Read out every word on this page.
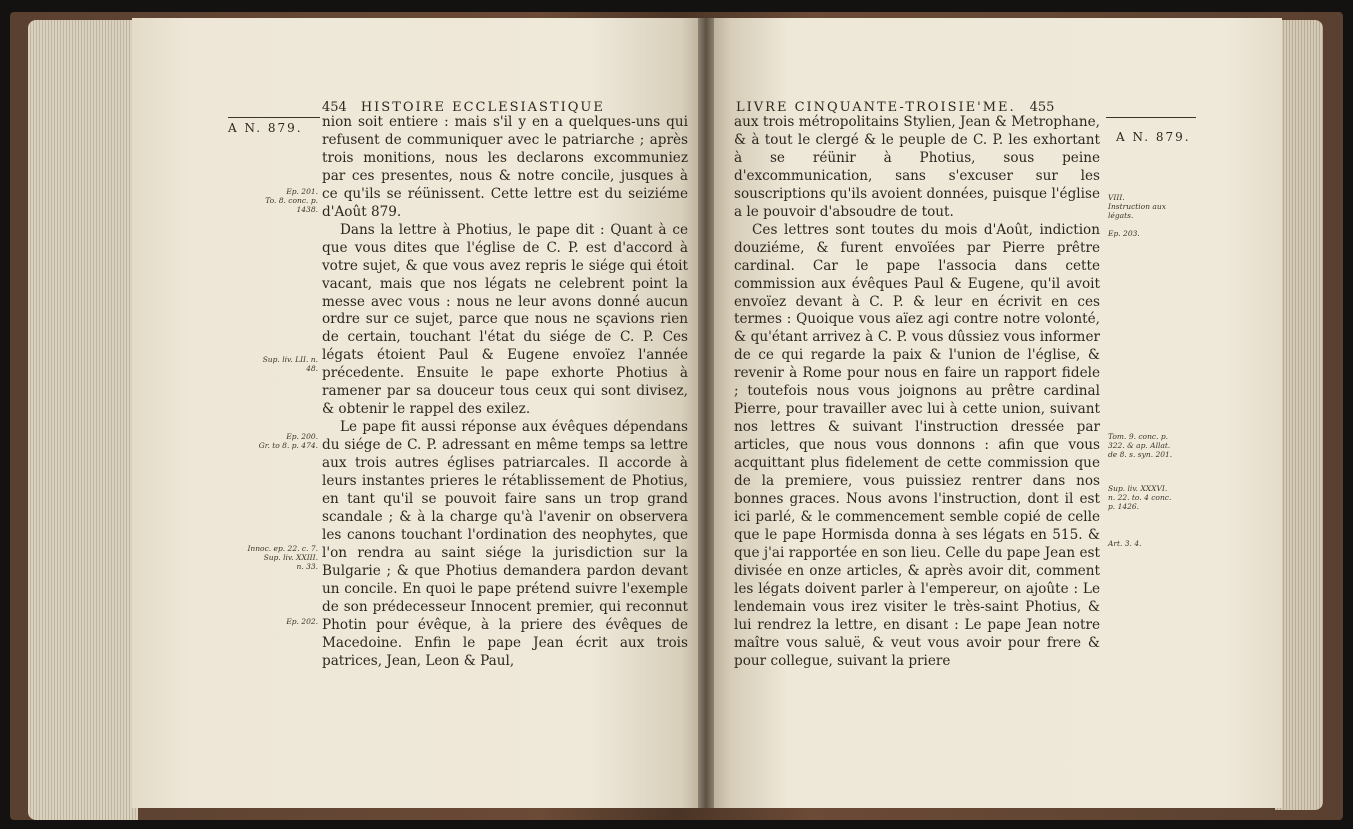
454 HISTOIRE ECCLESIASTIQUE
A N. 879. nion soit entiere : mais s'il y en a quelques-uns qui refusent de communiquer avec le patriarche ; après trois monitions, nous les declarons excommuniez par ces presentes, nous & notre concile, jusques à ce qu'ils se réünissent. Cette lettre est du seiziéme d'Août 879.

Dans la lettre à Photius, le pape dit : Quant à ce que vous dites que l'église de C. P. est d'accord à votre sujet, & que vous avez repris le siége qui étoit vacant, mais que nos légats ne celebrent point la messe avec vous : nous ne leur avons donné aucun ordre sur ce sujet, parce que nous ne sçavions rien de certain, touchant l'état du siége de C. P. Ces légats étoient Paul & Eugene envoïez l'année précedente. Ensuite le pape exhorte Photius à ramener par sa douceur tous ceux qui sont divisez, & obtenir le rappel des exilez.

Le pape fit aussi réponse aux évêques dépendans du siége de C. P. adressant en même temps sa lettre aux trois autres églises patriarcales. Il accorde à leurs instantes prieres le rétablissement de Photius, en tant qu'il se pouvoit faire sans un trop grand scandale ; & à la charge qu'à l'avenir on observera les canons touchant l'ordination des neophytes, que l'on rendra au saint siége la jurisdiction sur la Bulgarie ; & que Photius demandera pardon devant un concile. En quoi le pape prétend suivre l'exemple de son prédecesseur Innocent premier, qui reconnut Photin pour évêque, à la priere des évêques de Macedoine. Enfin le pape Jean écrit aux trois patrices, Jean, Leon & Paul,

Ep. 201.
To. 8. conc. p.
1438.
Sup. liv. LII. n.
48.
Ep. 200.
Gr. to 8. p. 474.
Innoc. ep. 22. c. 7.
Sup. liv. XXIII.
n. 33.
Ep. 202.
LIVRE CINQUANTE-TROISIE'ME. 455
A N. 879.

aux trois métropolitains Stylien, Jean & Metrophane, & à tout le clergé & le peuple de C. P. les exhortant à se réünir à Photius, sous peine d'excommunication, sans s'excuser sur les souscriptions qu'ils avoient données, puisque l'église a le pouvoir d'absoudre de tout.

Ces lettres sont toutes du mois d'Août, indiction douziéme, & furent envoïées par Pierre prêtre cardinal. Car le pape l'associa dans cette commission aux évêques Paul & Eugene, qu'il avoit envoïez devant à C. P. & leur en écrivit en ces termes : Quoique vous aïez agi contre notre volonté, & qu'étant arrivez à C. P. vous dûssiez vous informer de ce qui regarde la paix & l'union de l'église, & revenir à Rome pour nous en faire un rapport fidele ; toutefois nous vous joignons au prêtre cardinal Pierre, pour travailler avec lui à cette union, suivant nos lettres & suivant l'instruction dressée par articles, que nous vous donnons : afin que vous acquittant plus fidelement de cette commission que de la premiere, vous puissiez rentrer dans nos bonnes graces. Nous avons l'instruction, dont il est ici parlé, & le commencement semble copié de celle que le pape Hormisda donna à ses légats en 515. & que j'ai rapportée en son lieu. Celle du pape Jean est divisée en onze articles, & après avoir dit, comment les légats doivent parler à l'empereur, on ajoûte : Le lendemain vous irez visiter le très-saint Photius, & lui rendrez la lettre, en disant : Le pape Jean notre maître vous saluë, & veut vous avoir pour frere & pour collegue, suivant la priere

VIII.
Instruction aux
légats.
Ep. 203.
Tom. 9. conc. p.
322. & ap. Allat.
de 8. s. syn. 201.
Sup. liv. XXXVI.
n. 22. to. 4 conc.
p. 1426.
Art. 3. 4.
